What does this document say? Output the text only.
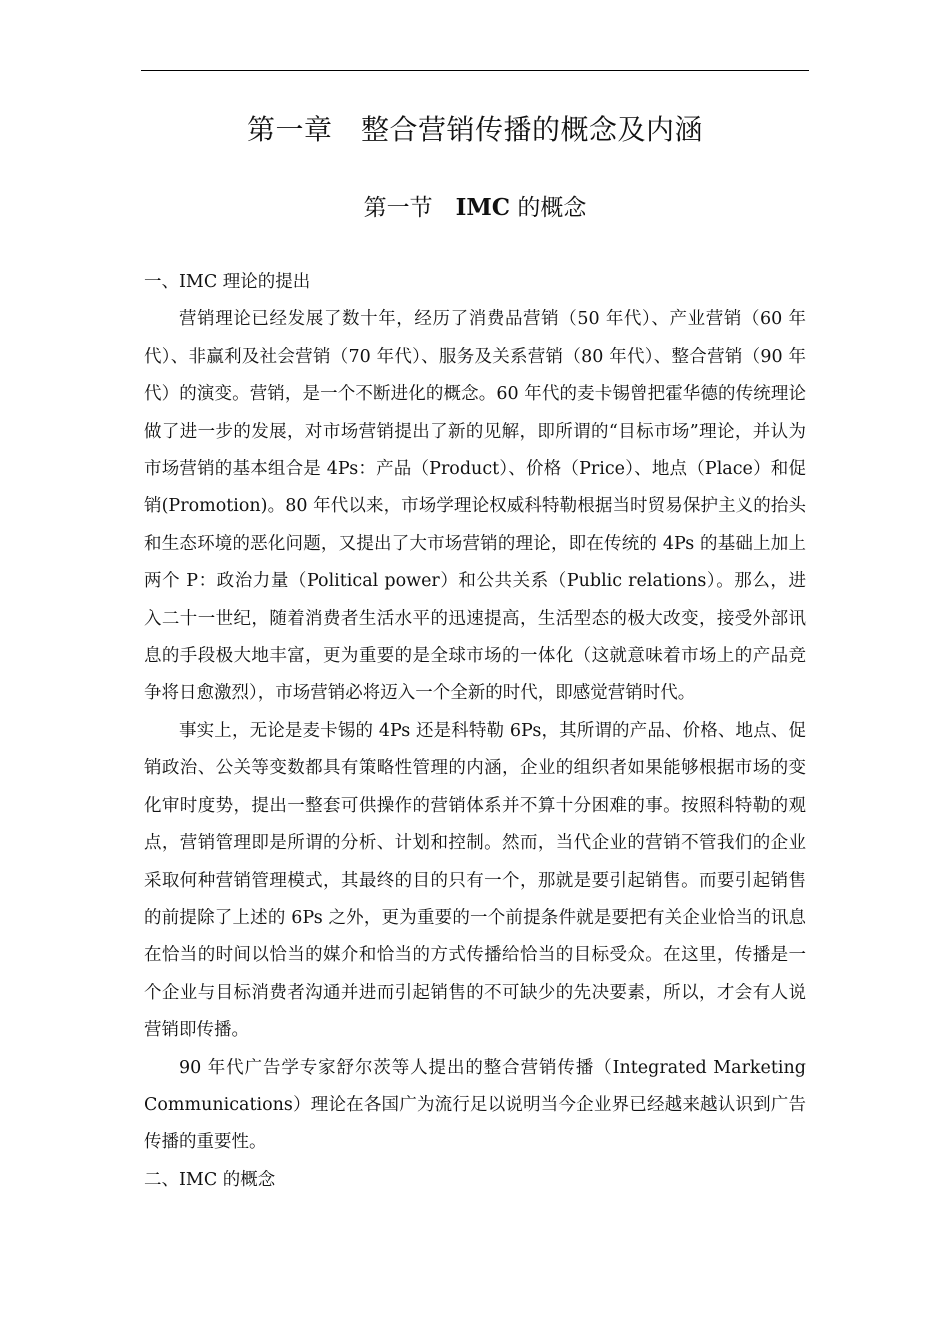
第一章　整合营销传播的概念及内涵
第一节　IMC 的概念

一、IMC 理论的提出

营销理论已经发展了数十年，经历了消费品营销（50 年代）、产业营销（60 年代）、非赢利及社会营销（70 年代）、服务及关系营销（80 年代）、整合营销（90 年代）的演变。营销，是一个不断进化的概念。60 年代的麦卡锡曾把霍华德的传统理论做了进一步的发展，对市场营销提出了新的见解，即所谓的“目标市场”理论，并认为市场营销的基本组合是 4Ps：产品（Product）、价格（Price）、地点（Place）和促销(Promotion)。80 年代以来，市场学理论权威科特勒根据当时贸易保护主义的抬头和生态环境的恶化问题，又提出了大市场营销的理论，即在传统的 4Ps 的基础上加上两个 P：政治力量（Political power）和公共关系（Public relations）。那么，进入二十一世纪，随着消费者生活水平的迅速提高，生活型态的极大改变，接受外部讯息的手段极大地丰富，更为重要的是全球市场的一体化（这就意味着市场上的产品竞争将日愈激烈），市场营销必将迈入一个全新的时代，即感觉营销时代。

事实上，无论是麦卡锡的 4Ps 还是科特勒 6Ps，其所谓的产品、价格、地点、促销政治、公关等变数都具有策略性管理的内涵，企业的组织者如果能够根据市场的变化审时度势，提出一整套可供操作的营销体系并不算十分困难的事。按照科特勒的观点，营销管理即是所谓的分析、计划和控制。然而，当代企业的营销不管我们的企业采取何种营销管理模式，其最终的目的只有一个，那就是要引起销售。而要引起销售的前提除了上述的 6Ps 之外，更为重要的一个前提条件就是要把有关企业恰当的讯息在恰当的时间以恰当的媒介和恰当的方式传播给恰当的目标受众。在这里，传播是一个企业与目标消费者沟通并进而引起销售的不可缺少的先决要素，所以，才会有人说营销即传播。

90 年代广告学专家舒尔茨等人提出的整合营销传播（Integrated Marketing Communications）理论在各国广为流行足以说明当今企业界已经越来越认识到广告传播的重要性。

二、IMC 的概念
